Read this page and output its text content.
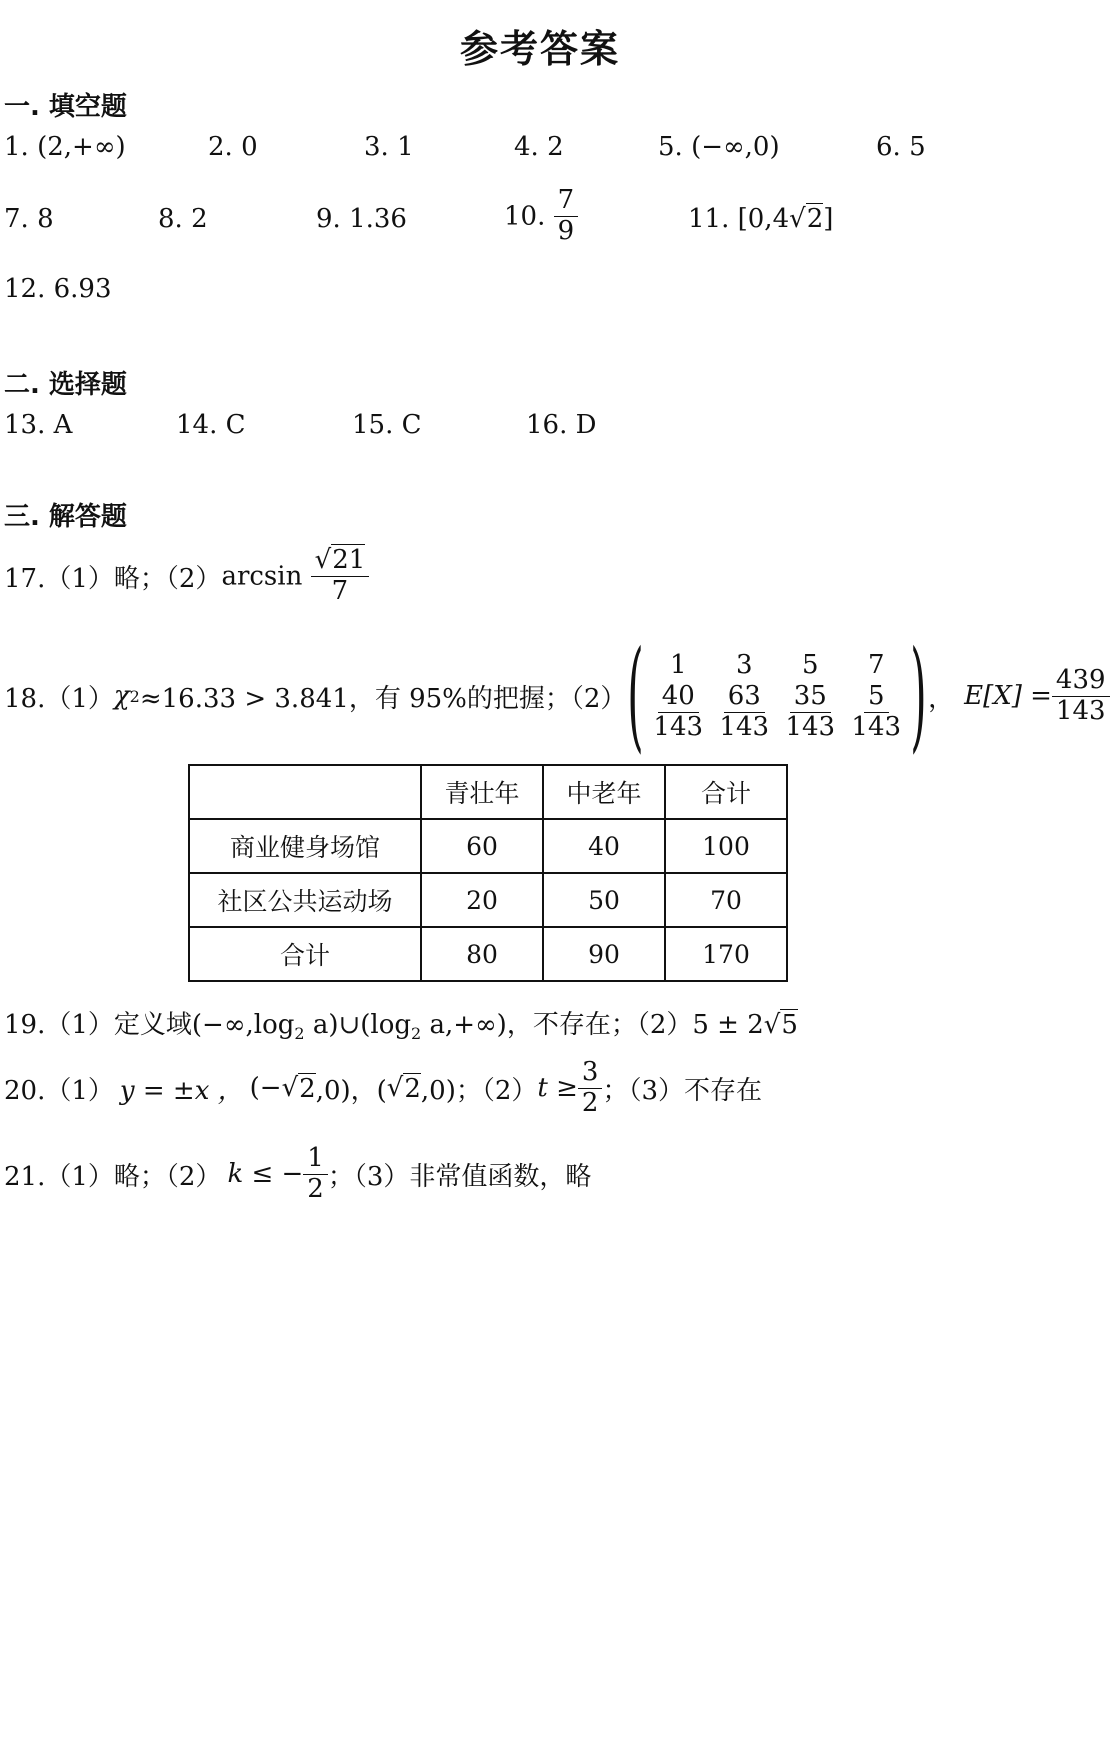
参考答案
一. 填空题
1. (2,+∞)	2. 0	3. 1	4. 2	5. (−∞,0)	6. 5
7. 8	8. 2	9. 1.36	10. $\frac{7}{9}$	11. [0,4√2]
12. 6.93
二. 选择题
13. A	14. C	15. C	16. D
三. 解答题
17.（1）略；$(2)\arcsin \frac{√21}{7}$
18.（1） χ 2 ≈16.33 > 3.841，有 95%的把握；（2） ( 1	3	5	7
$\frac{40}{143} \frac{63}{143} \frac{35}{143} \frac{5}{143}$ ) ， $E[X] = \frac{439}{143}$
	青壮年	中老年	合计
商业健身场馆	60	40	100
社区公共运动场	20	50	70
合计	80	90	170
19.（1）定义域($-\infty,\log_2$ $a)\cup(\log_2$ a,+∞)，不存在；（2）5 ± 2√5
20.（1） y = ±x ， (− √ 2 ,0)，( √ 2 ,0)；（2） $t \ge \frac{3}{2}$ ；（3）不存在
21.（1）略；（2） k ≤ − $\frac{1}{2}$ ；（3）非常值函数，略
